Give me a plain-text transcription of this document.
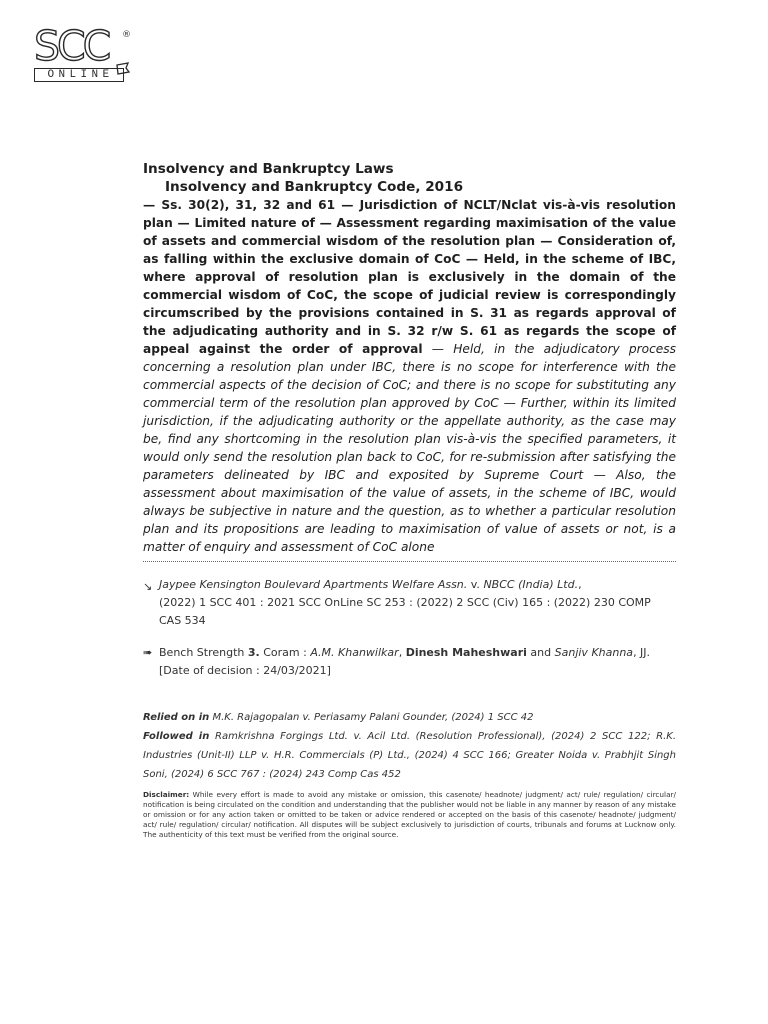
SCC ®
ONLINE

Insolvency and Bankruptcy Laws

Insolvency and Bankruptcy Code, 2016

— Ss. 30(2), 31, 32 and 61 — Jurisdiction of NCLT/Nclat vis-à-vis resolution plan — Limited nature of — Assessment regarding maximisation of the value of assets and commercial wisdom of the resolution plan — Consideration of, as falling within the exclusive domain of CoC — Held, in the scheme of IBC, where approval of resolution plan is exclusively in the domain of the commercial wisdom of CoC, the scope of judicial review is correspondingly circumscribed by the provisions contained in S. 31 as regards approval of the adjudicating authority and in S. 32 r/w S. 61 as regards the scope of appeal against the order of approval — Held, in the adjudicatory process concerning a resolution plan under IBC, there is no scope for interference with the commercial aspects of the decision of CoC; and there is no scope for substituting any commercial term of the resolution plan approved by CoC — Further, within its limited jurisdiction, if the adjudicating authority or the appellate authority, as the case may be, find any shortcoming in the resolution plan vis-à-vis the specified parameters, it would only send the resolution plan back to CoC, for re-submission after satisfying the parameters delineated by IBC and exposited by Supreme Court — Also, the assessment about maximisation of the value of assets, in the scheme of IBC, would always be subjective in nature and the question, as to whether a particular resolution plan and its propositions are leading to maximisation of value of assets or not, is a matter of enquiry and assessment of CoC alone
↘ Jaypee Kensington Boulevard Apartments Welfare Assn. v. NBCC (India) Ltd.,
(2022) 1 SCC 401 : 2021 SCC OnLine SC 253 : (2022) 2 SCC (Civ) 165 : (2022) 230 COMP CAS 534
➠ Bench Strength 3. Coram : A.M. Khanwilkar, Dinesh Maheshwari and Sanjiv Khanna, JJ.
[Date of decision : 24/03/2021]

Relied on in M.K. Rajagopalan v. Periasamy Palani Gounder, (2024) 1 SCC 42

Followed in Ramkrishna Forgings Ltd. v. Acil Ltd. (Resolution Professional), (2024) 2 SCC 122; R.K. Industries (Unit-II) LLP v. H.R. Commercials (P) Ltd., (2024) 4 SCC 166; Greater Noida v. Prabhjit Singh Soni, (2024) 6 SCC 767 : (2024) 243 Comp Cas 452

Disclaimer: While every effort is made to avoid any mistake or omission, this casenote/ headnote/ judgment/ act/ rule/ regulation/ circular/ notification is being circulated on the condition and understanding that the publisher would not be liable in any manner by reason of any mistake or omission or for any action taken or omitted to be taken or advice rendered or accepted on the basis of this casenote/ headnote/ judgment/ act/ rule/ regulation/ circular/ notification. All disputes will be subject exclusively to jurisdiction of courts, tribunals and forums at Lucknow only. The authenticity of this text must be verified from the original source.
